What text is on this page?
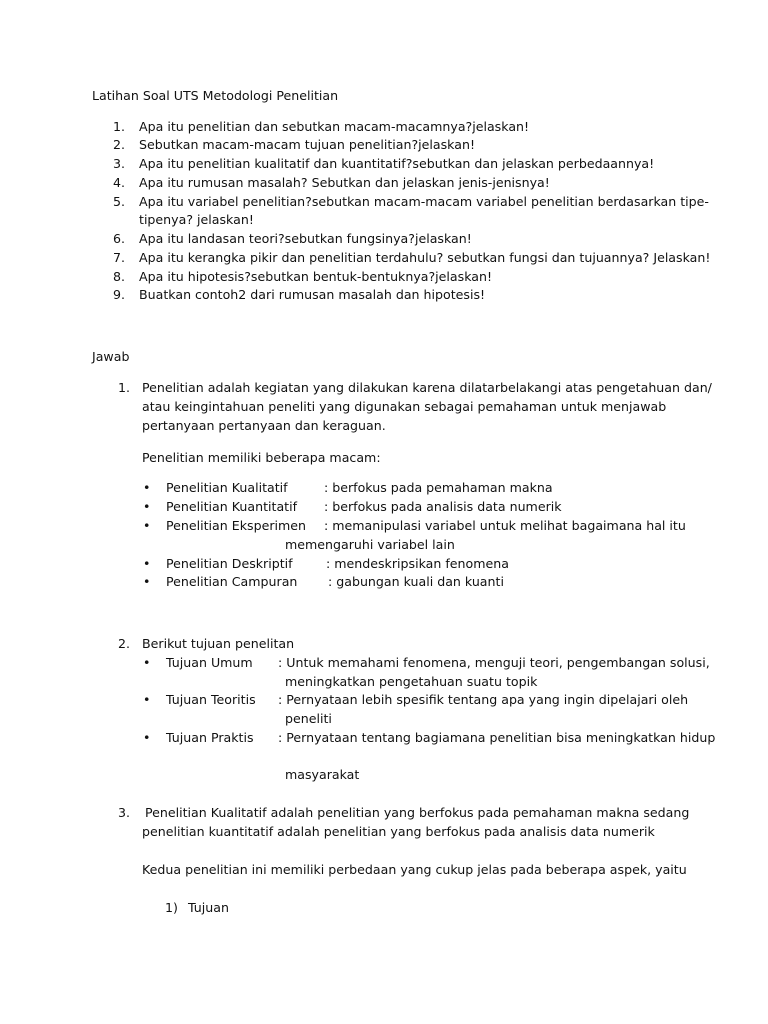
Latihan Soal UTS Metodologi Penelitian
1. Apa itu penelitian dan sebutkan macam-macamnya?jelaskan!
2. Sebutkan macam-macam tujuan penelitian?jelaskan!
3. Apa itu penelitian kualitatif dan kuantitatif?sebutkan dan jelaskan perbedaannya!
4. Apa itu rumusan masalah? Sebutkan dan jelaskan jenis-jenisnya!
5. Apa itu variabel penelitian?sebutkan macam-macam variabel penelitian berdasarkan tipe-
tipenya? jelaskan!
6. Apa itu landasan teori?sebutkan fungsinya?jelaskan!
7. Apa itu kerangka pikir dan penelitian terdahulu? sebutkan fungsi dan tujuannya? Jelaskan!
8. Apa itu hipotesis?sebutkan bentuk-bentuknya?jelaskan!
9. Buatkan contoh2 dari rumusan masalah dan hipotesis!
Jawab
1. Penelitian adalah kegiatan yang dilakukan karena dilatarbelakangi atas pengetahuan dan/
atau keingintahuan peneliti yang digunakan sebagai pemahaman untuk menjawab
pertanyaan pertanyaan dan keraguan.
Penelitian memiliki beberapa macam:
• Penelitian Kualitatif	: berfokus pada pemahaman makna
• Penelitian Kuantitatif : berfokus pada analisis data numerik
• Penelitian Eksperimen : memanipulasi variabel untuk melihat bagaimana hal itu
memengaruhi variabel lain
• Penelitian Deskriptif	: mendeskripsikan fenomena
• Penelitian Campuran : gabungan kuali dan kuanti
2. Berikut tujuan penelitan
• Tujuan Umum : Untuk memahami fenomena, menguji teori, pengembangan solusi,
meningkatkan pengetahuan suatu topik
• Tujuan Teoritis : Pernyataan lebih spesifik tentang apa yang ingin dipelajari oleh
peneliti
• Tujuan Praktis : Pernyataan tentang bagiamana penelitian bisa meningkatkan hidup
masyarakat
3. Penelitian Kualitatif adalah penelitian yang berfokus pada pemahaman makna sedang
penelitian kuantitatif adalah penelitian yang berfokus pada analisis data numerik
Kedua penelitian ini memiliki perbedaan yang cukup jelas pada beberapa aspek, yaitu
1) Tujuan
